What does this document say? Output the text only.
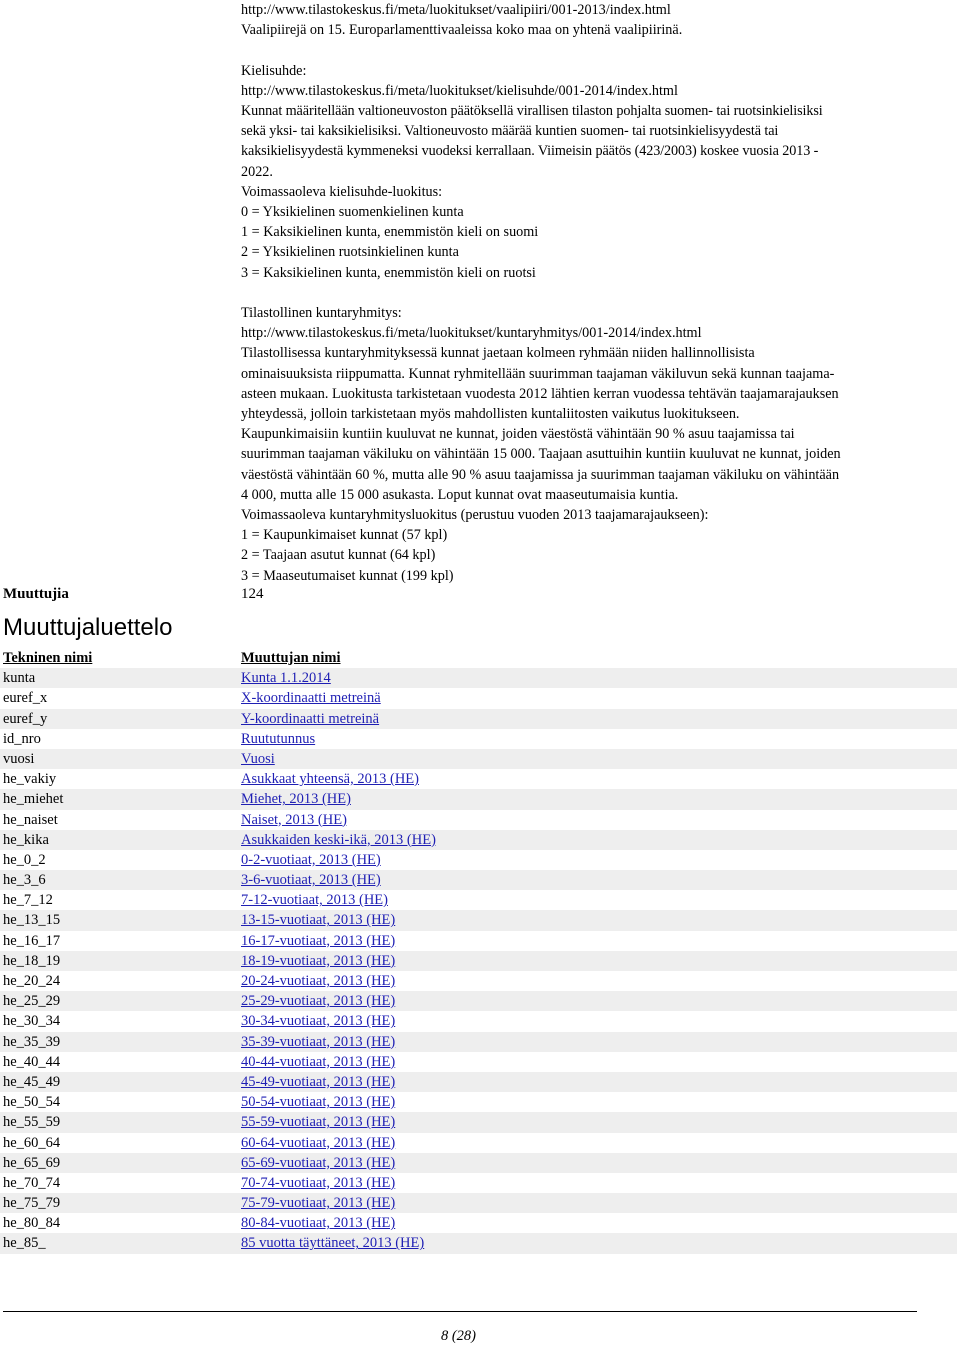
http://www.tilastokeskus.fi/meta/luokitukset/vaalipiiri/001-2013/index.html
Vaalipiirejä on 15. Europarlamenttivaaleissa koko maa on yhtenä vaalipiirinä.
Kielisuhde:
http://www.tilastokeskus.fi/meta/luokitukset/kielisuhde/001-2014/index.html
Kunnat määritellään valtioneuvoston päätöksellä virallisen tilaston pohjalta suomen- tai ruotsinkielisiksi
sekä yksi- tai kaksikielisiksi. Valtioneuvosto määrää kuntien suomen- tai ruotsinkielisyydestä tai
kaksikielisyydestä kymmeneksi vuodeksi kerrallaan. Viimeisin päätös (423/2003) koskee vuosia 2013 -
2022.
Voimassaoleva kielisuhde-luokitus:
0 = Yksikielinen suomenkielinen kunta
1 = Kaksikielinen kunta, enemmistön kieli on suomi
2 = Yksikielinen ruotsinkielinen kunta
3 = Kaksikielinen kunta, enemmistön kieli on ruotsi
Tilastollinen kuntaryhmitys:
http://www.tilastokeskus.fi/meta/luokitukset/kuntaryhmitys/001-2014/index.html
Tilastollisessa kuntaryhmityksessä kunnat jaetaan kolmeen ryhmään niiden hallinnollisista
ominaisuuksista riippumatta. Kunnat ryhmitellään suurimman taajaman väkiluvun sekä kunnan taajama-
asteen mukaan. Luokitusta tarkistetaan vuodesta 2012 lähtien kerran vuodessa tehtävän taajamarajauksen
yhteydessä, jolloin tarkistetaan myös mahdollisten kuntaliitosten vaikutus luokitukseen.
Kaupunkimaisiin kuntiin kuuluvat ne kunnat, joiden väestöstä vähintään 90 % asuu taajamissa tai
suurimman taajaman väkiluku on vähintään 15 000. Taajaan asuttuihin kuntiin kuuluvat ne kunnat, joiden
väestöstä vähintään 60 %, mutta alle 90 % asuu taajamissa ja suurimman taajaman väkiluku on vähintään
4 000, mutta alle 15 000 asukasta. Loput kunnat ovat maaseutumaisia kuntia.
Voimassaoleva kuntaryhmitysluokitus (perustuu vuoden 2013 taajamarajaukseen):
1 = Kaupunkimaiset kunnat (57 kpl)
2 = Taajaan asutut kunnat (64 kpl)
3 = Maaseutumaiset kunnat (199 kpl)
Muuttujia	124
Muuttujaluettelo
Tekninen nimi	Muuttujan nimi
kunta	Kunta 1.1.2014
euref_x	X-koordinaatti metreinä
euref_y	Y-koordinaatti metreinä
id_nro	Ruututunnus
vuosi	Vuosi
he_vakiy	Asukkaat yhteensä, 2013 (HE)
he_miehet	Miehet, 2013 (HE)
he_naiset	Naiset, 2013 (HE)
he_kika	Asukkaiden keski-ikä, 2013 (HE)
he_0_2	0-2-vuotiaat, 2013 (HE)
he_3_6	3-6-vuotiaat, 2013 (HE)
he_7_12	7-12-vuotiaat, 2013 (HE)
he_13_15	13-15-vuotiaat, 2013 (HE)
he_16_17	16-17-vuotiaat, 2013 (HE)
he_18_19	18-19-vuotiaat, 2013 (HE)
he_20_24	20-24-vuotiaat, 2013 (HE)
he_25_29	25-29-vuotiaat, 2013 (HE)
he_30_34	30-34-vuotiaat, 2013 (HE)
he_35_39	35-39-vuotiaat, 2013 (HE)
he_40_44	40-44-vuotiaat, 2013 (HE)
he_45_49	45-49-vuotiaat, 2013 (HE)
he_50_54	50-54-vuotiaat, 2013 (HE)
he_55_59	55-59-vuotiaat, 2013 (HE)
he_60_64	60-64-vuotiaat, 2013 (HE)
he_65_69	65-69-vuotiaat, 2013 (HE)
he_70_74	70-74-vuotiaat, 2013 (HE)
he_75_79	75-79-vuotiaat, 2013 (HE)
he_80_84	80-84-vuotiaat, 2013 (HE)
he_85_	85 vuotta täyttäneet, 2013 (HE)
8 (28)
